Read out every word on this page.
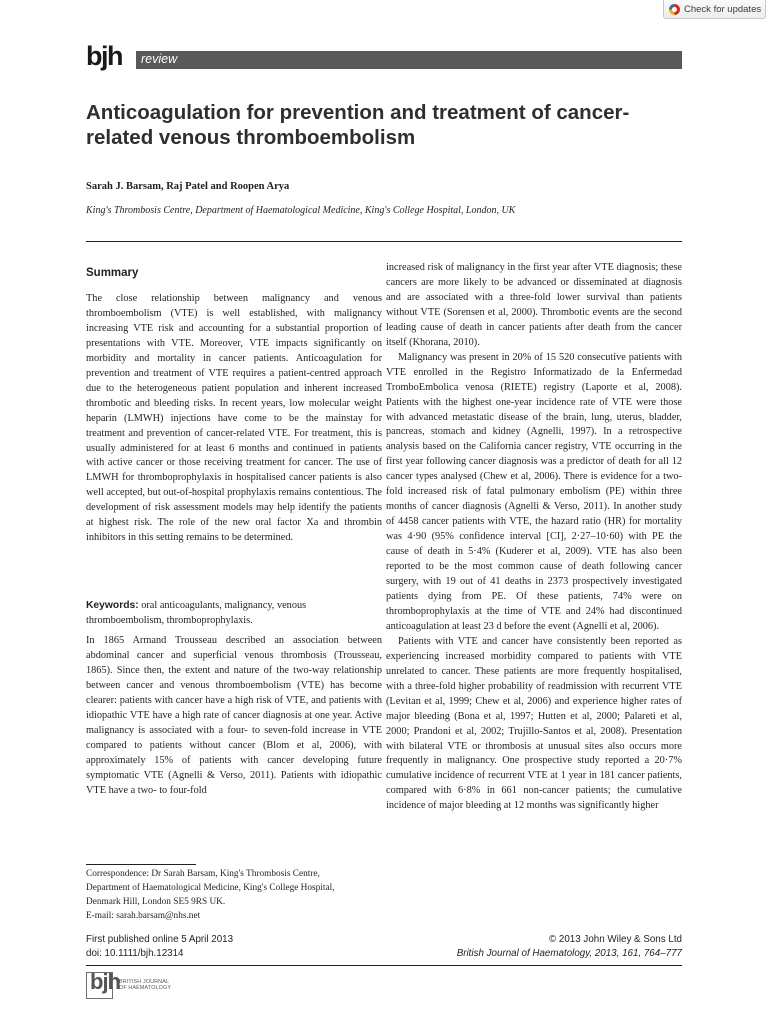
Check for updates
bjh review
Anticoagulation for prevention and treatment of cancer-related venous thromboembolism
Sarah J. Barsam, Raj Patel and Roopen Arya
King's Thrombosis Centre, Department of Haematological Medicine, King's College Hospital, London, UK
Summary

The close relationship between malignancy and venous thromboembolism (VTE) is well established, with malignancy increasing VTE risk and accounting for a substantial proportion of presentations with VTE. Moreover, VTE impacts significantly on morbidity and mortality in cancer patients. Anticoagulation for prevention and treatment of VTE requires a patient-centred approach due to the heterogeneous patient population and inherent increased thrombotic and bleeding risks. In recent years, low molecular weight heparin (LMWH) injections have come to be the mainstay for treatment and prevention of cancer-related VTE. For treatment, this is usually administered for at least 6 months and continued in patients with active cancer or those receiving treatment for cancer. The use of LMWH for thromboprophylaxis in hospitalised cancer patients is also well accepted, but out-of-hospital prophylaxis remains contentious. The development of risk assessment models may help identify the patients at highest risk. The role of the new oral factor Xa and thrombin inhibitors in this setting remains to be determined.

Keywords: oral anticoagulants, malignancy, venous thromboembolism, thromboprophylaxis.

In 1865 Armand Trousseau described an association between abdominal cancer and superficial venous thrombosis (Trousseau, 1865). Since then, the extent and nature of the two-way relationship between cancer and venous thromboembolism (VTE) has become clearer: patients with cancer have a high risk of VTE, and patients with idiopathic VTE have a high rate of cancer diagnosis at one year. Active malignancy is associated with a four- to seven-fold increase in VTE compared to patients without cancer (Blom et al, 2006), with approximately 15% of patients with cancer developing future symptomatic VTE (Agnelli & Verso, 2011). Patients with idiopathic VTE have a two- to four-fold

Correspondence: Dr Sarah Barsam, King's Thrombosis Centre,

Department of Haematological Medicine, King's College Hospital,

Denmark Hill, London SE5 9RS UK.

E-mail: sarah.barsam@nhs.net

increased risk of malignancy in the first year after VTE diagnosis; these cancers are more likely to be advanced or disseminated at diagnosis and are associated with a three-fold lower survival than patients without VTE (Sorensen et al, 2000). Thrombotic events are the second leading cause of death in cancer patients after death from the cancer itself (Khorana, 2010).

Malignancy was present in 20% of 15 520 consecutive patients with VTE enrolled in the Registro Informatizado de la Enfermedad TromboEmbolica venosa (RIETE) registry (Laporte et al, 2008). Patients with the highest one-year incidence rate of VTE were those with advanced metastatic disease of the brain, lung, uterus, bladder, pancreas, stomach and kidney (Agnelli, 1997). In a retrospective analysis based on the California cancer registry, VTE occurring in the first year following cancer diagnosis was a predictor of death for all 12 cancer types analysed (Chew et al, 2006). There is evidence for a two-fold increased risk of fatal pulmonary embolism (PE) within three months of cancer diagnosis (Agnelli & Verso, 2011). In another study of 4458 cancer patients with VTE, the hazard ratio (HR) for mortality was 4·90 (95% confidence interval [CI], 2·27–10·60) with PE the cause of death in 5·4% (Kuderer et al, 2009). VTE has also been reported to be the most common cause of death following cancer surgery, with 19 out of 41 deaths in 2373 prospectively investigated patients dying from PE. Of these patients, 74% were on thromboprophylaxis at the time of VTE and 24% had discontinued anticoagulation at least 23 d before the event (Agnelli et al, 2006).

Patients with VTE and cancer have consistently been reported as experiencing increased morbidity compared to patients with VTE unrelated to cancer. These patients are more frequently hospitalised, with a three-fold higher probability of readmission with recurrent VTE (Levitan et al, 1999; Chew et al, 2006) and experience higher rates of major bleeding (Bona et al, 1997; Hutten et al, 2000; Palareti et al, 2000; Prandoni et al, 2002; Trujillo-Santos et al, 2008). Presentation with bilateral VTE or thrombosis at unusual sites also occurs more frequently in malignancy. One prospective study reported a 20·7% cumulative incidence of recurrent VTE at 1 year in 181 cancer patients, compared with 6·8% in 661 non-cancer patients; the cumulative incidence of major bleeding at 12 months was significantly higher

First published online 5 April 2013

doi: 10.1111/bjh.12314

© 2013 John Wiley & Sons Ltd

British Journal of Haematology, 2013, 161, 764–777

bjh BRITISH JOURNAL

OF HAEMATOLOGY
